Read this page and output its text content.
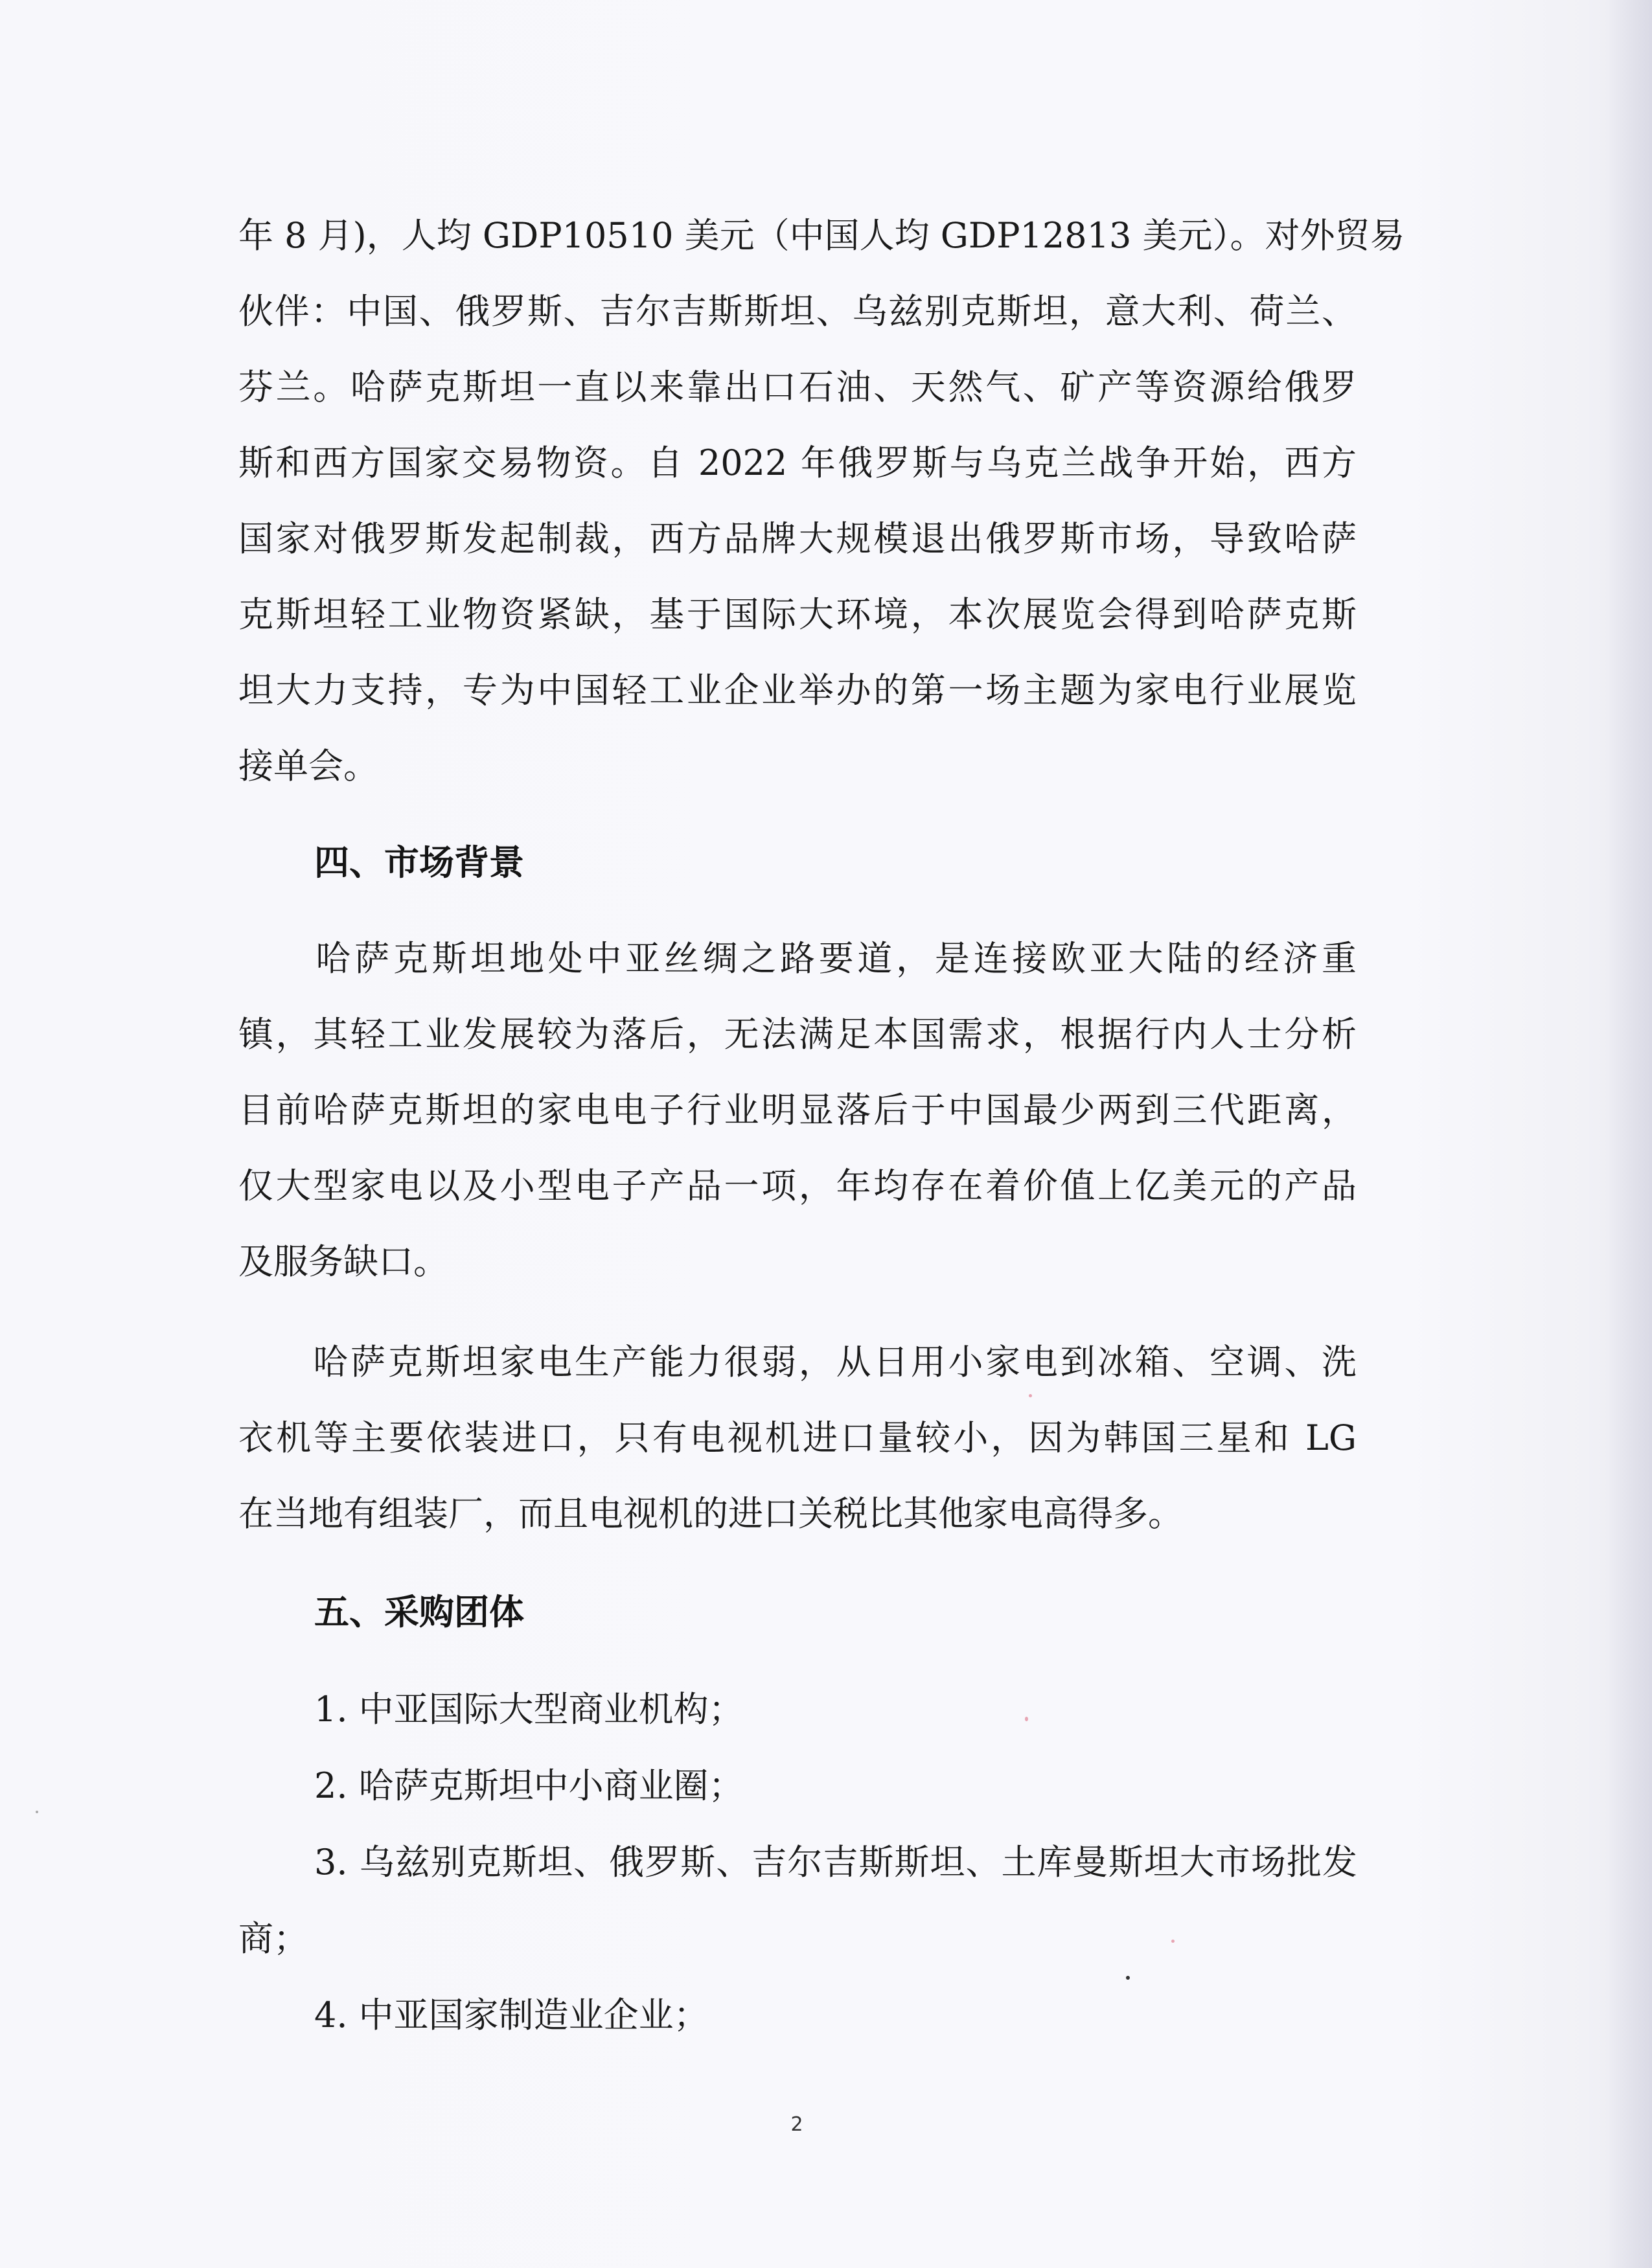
年 8 月)，人均 GDP10510 美元（中国人均 GDP12813 美元）。对外贸易

伙伴：中国、俄罗斯、吉尔吉斯斯坦、乌兹别克斯坦，意大利、荷兰、

芬兰。哈萨克斯坦一直以来靠出口石油、天然气、矿产等资源给俄罗

斯和西方国家交易物资。自 2022 年俄罗斯与乌克兰战争开始，西方

国家对俄罗斯发起制裁，西方品牌大规模退出俄罗斯市场，导致哈萨

克斯坦轻工业物资紧缺，基于国际大环境，本次展览会得到哈萨克斯

坦大力支持，专为中国轻工业企业举办的第一场主题为家电行业展览

接单会。

四、市场背景

　　哈萨克斯坦地处中亚丝绸之路要道，是连接欧亚大陆的经济重

镇，其轻工业发展较为落后，无法满足本国需求，根据行内人士分析

目前哈萨克斯坦的家电电子行业明显落后于中国最少两到三代距离，

仅大型家电以及小型电子产品一项，年均存在着价值上亿美元的产品

及服务缺口。

　　哈萨克斯坦家电生产能力很弱，从日用小家电到冰箱、空调、洗

衣机等主要依装进口，只有电视机进口量较小，因为韩国三星和 LG

在当地有组装厂，而且电视机的进口关税比其他家电高得多。

五、采购团体
1. 中亚国际大型商业机构；
2. 哈萨克斯坦中小商业圈；

3. 乌兹别克斯坦、俄罗斯、吉尔吉斯斯坦、土库曼斯坦大市场批发

商；
4. 中亚国家制造业企业；
2
